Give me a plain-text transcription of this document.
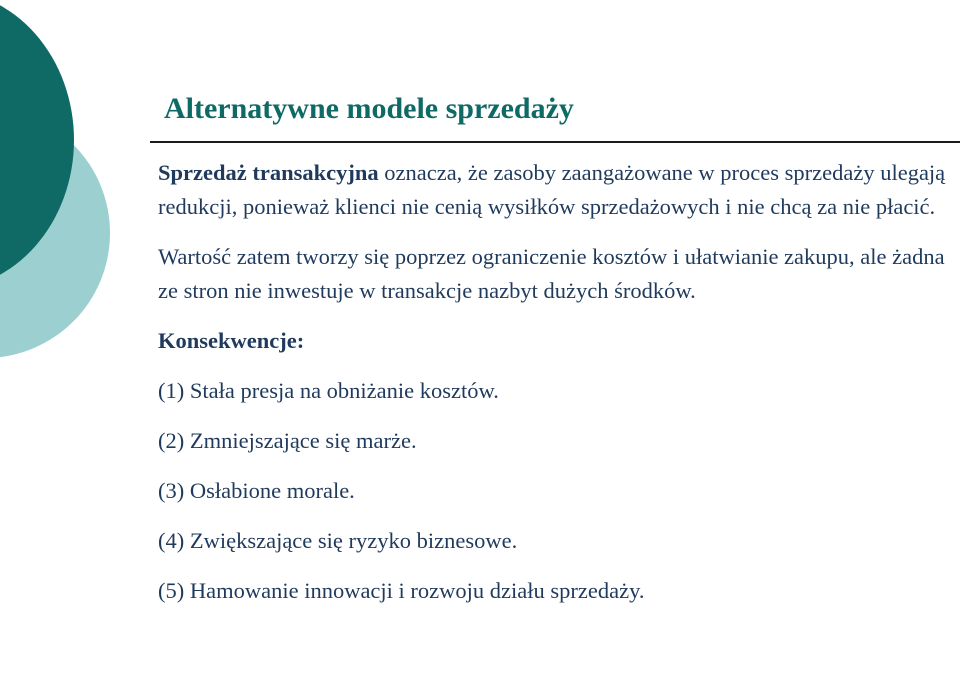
Alternatywne modele sprzedaży

Sprzedaż transakcyjna oznacza, że zasoby zaangażowane w proces sprzedaży ulegają redukcji, ponieważ klienci nie cenią wysiłków sprzedażowych i nie chcą za nie płacić.

Wartość zatem tworzy się poprzez ograniczenie kosztów i ułatwianie zakupu, ale żadna ze stron nie inwestuje w transakcje nazbyt dużych środków.

Konsekwencje:

(1) Stała presja na obniżanie kosztów.

(2) Zmniejszające się marże.

(3) Osłabione morale.

(4) Zwiększające się ryzyko biznesowe.

(5) Hamowanie innowacji i rozwoju działu sprzedaży.
